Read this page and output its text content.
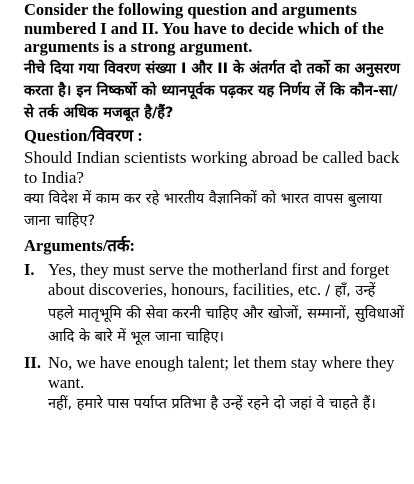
Consider the following question and arguments numbered I and II. You have to decide which of the arguments is a strong argument.

नीचे दिया गया विवरण संख्या I और II के अंतर्गत दो तर्को का अनुसरण करता है। इन निष्कर्षो को ध्यानपूर्वक पढ़कर यह निर्णय लें कि कौन-सा/से तर्क अधिक मजबूत है/हैं?

Question/विवरण :

Should Indian scientists working abroad be called back to India?

क्या विदेश में काम कर रहे भारतीय वैज्ञानिकों को भारत वापस बुलाया जाना चाहिए?

Arguments/तर्क:

I. Yes, they must serve the motherland first and forget about discoveries, honours, facilities, etc. / हाँ, उन्हें पहले मातृभूमि की सेवा करनी चाहिए और खोजों, सम्मानों, सुविधाओं आदि के बारे में भूल जाना चाहिए।
II. No, we have enough talent; let them stay where they want.
नहीं, हमारे पास पर्याप्त प्रतिभा है उन्हें रहने दो जहां वे चाहते हैं।
